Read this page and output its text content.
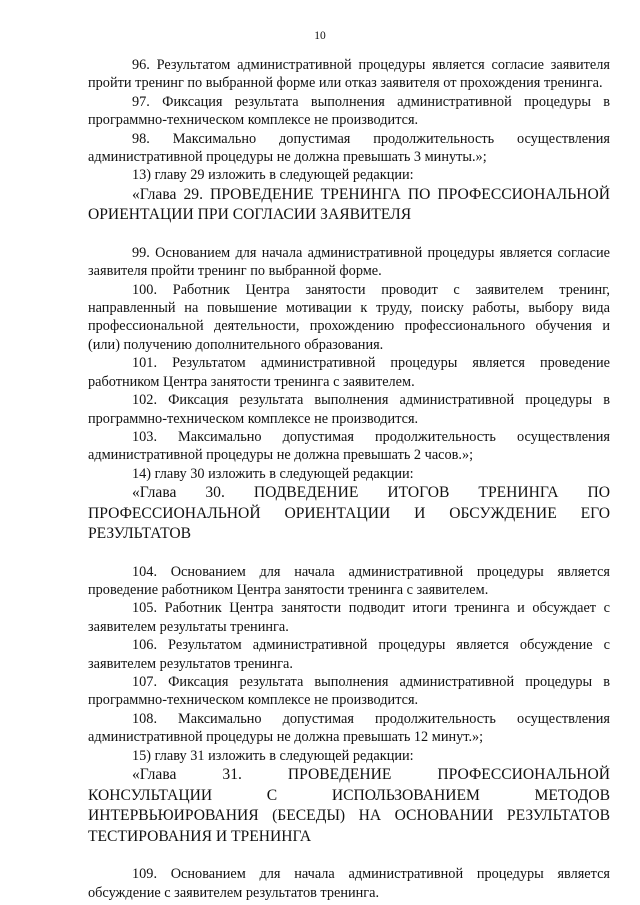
10

96. Результатом административной процедуры является согласие заявителя пройти тренинг по выбранной форме или отказ заявителя от прохождения тренинга.

97. Фиксация результата выполнения административной процедуры в программно-техническом комплексе не производится.

98. Максимально допустимая продолжительность осуществления административной процедуры не должна превышать 3 минуты.»;

13) главу 29 изложить в следующей редакции:

«Глава 29. ПРОВЕДЕНИЕ ТРЕНИНГА ПО ПРОФЕССИОНАЛЬНОЙ ОРИЕНТАЦИИ ПРИ СОГЛАСИИ ЗАЯВИТЕЛЯ

99. Основанием для начала административной процедуры является согласие заявителя пройти тренинг по выбранной форме.

100. Работник Центра занятости проводит с заявителем тренинг, направленный на повышение мотивации к труду, поиску работы, выбору вида профессиональной деятельности, прохождению профессионального обучения и (или) получению дополнительного образования.

101. Результатом административной процедуры является проведение работником Центра занятости тренинга с заявителем.

102. Фиксация результата выполнения административной процедуры в программно-техническом комплексе не производится.

103. Максимально допустимая продолжительность осуществления административной процедуры не должна превышать 2 часов.»;

14) главу 30 изложить в следующей редакции:

«Глава 30. ПОДВЕДЕНИЕ ИТОГОВ ТРЕНИНГА ПО ПРОФЕССИОНАЛЬНОЙ ОРИЕНТАЦИИ И ОБСУЖДЕНИЕ ЕГО РЕЗУЛЬТАТОВ

104. Основанием для начала административной процедуры является проведение работником Центра занятости тренинга с заявителем.

105. Работник Центра занятости подводит итоги тренинга и обсуждает с заявителем результаты тренинга.

106. Результатом административной процедуры является обсуждение с заявителем результатов тренинга.

107. Фиксация результата выполнения административной процедуры в программно-техническом комплексе не производится.

108. Максимально допустимая продолжительность осуществления административной процедуры не должна превышать 12 минут.»;

15) главу 31 изложить в следующей редакции:

«Глава 31. ПРОВЕДЕНИЕ ПРОФЕССИОНАЛЬНОЙ КОНСУЛЬТАЦИИ С ИСПОЛЬЗОВАНИЕМ МЕТОДОВ ИНТЕРВЬЮИРОВАНИЯ (БЕСЕДЫ) НА ОСНОВАНИИ РЕЗУЛЬТАТОВ ТЕСТИРОВАНИЯ И ТРЕНИНГА

109. Основанием для начала административной процедуры является обсуждение с заявителем результатов тренинга.
